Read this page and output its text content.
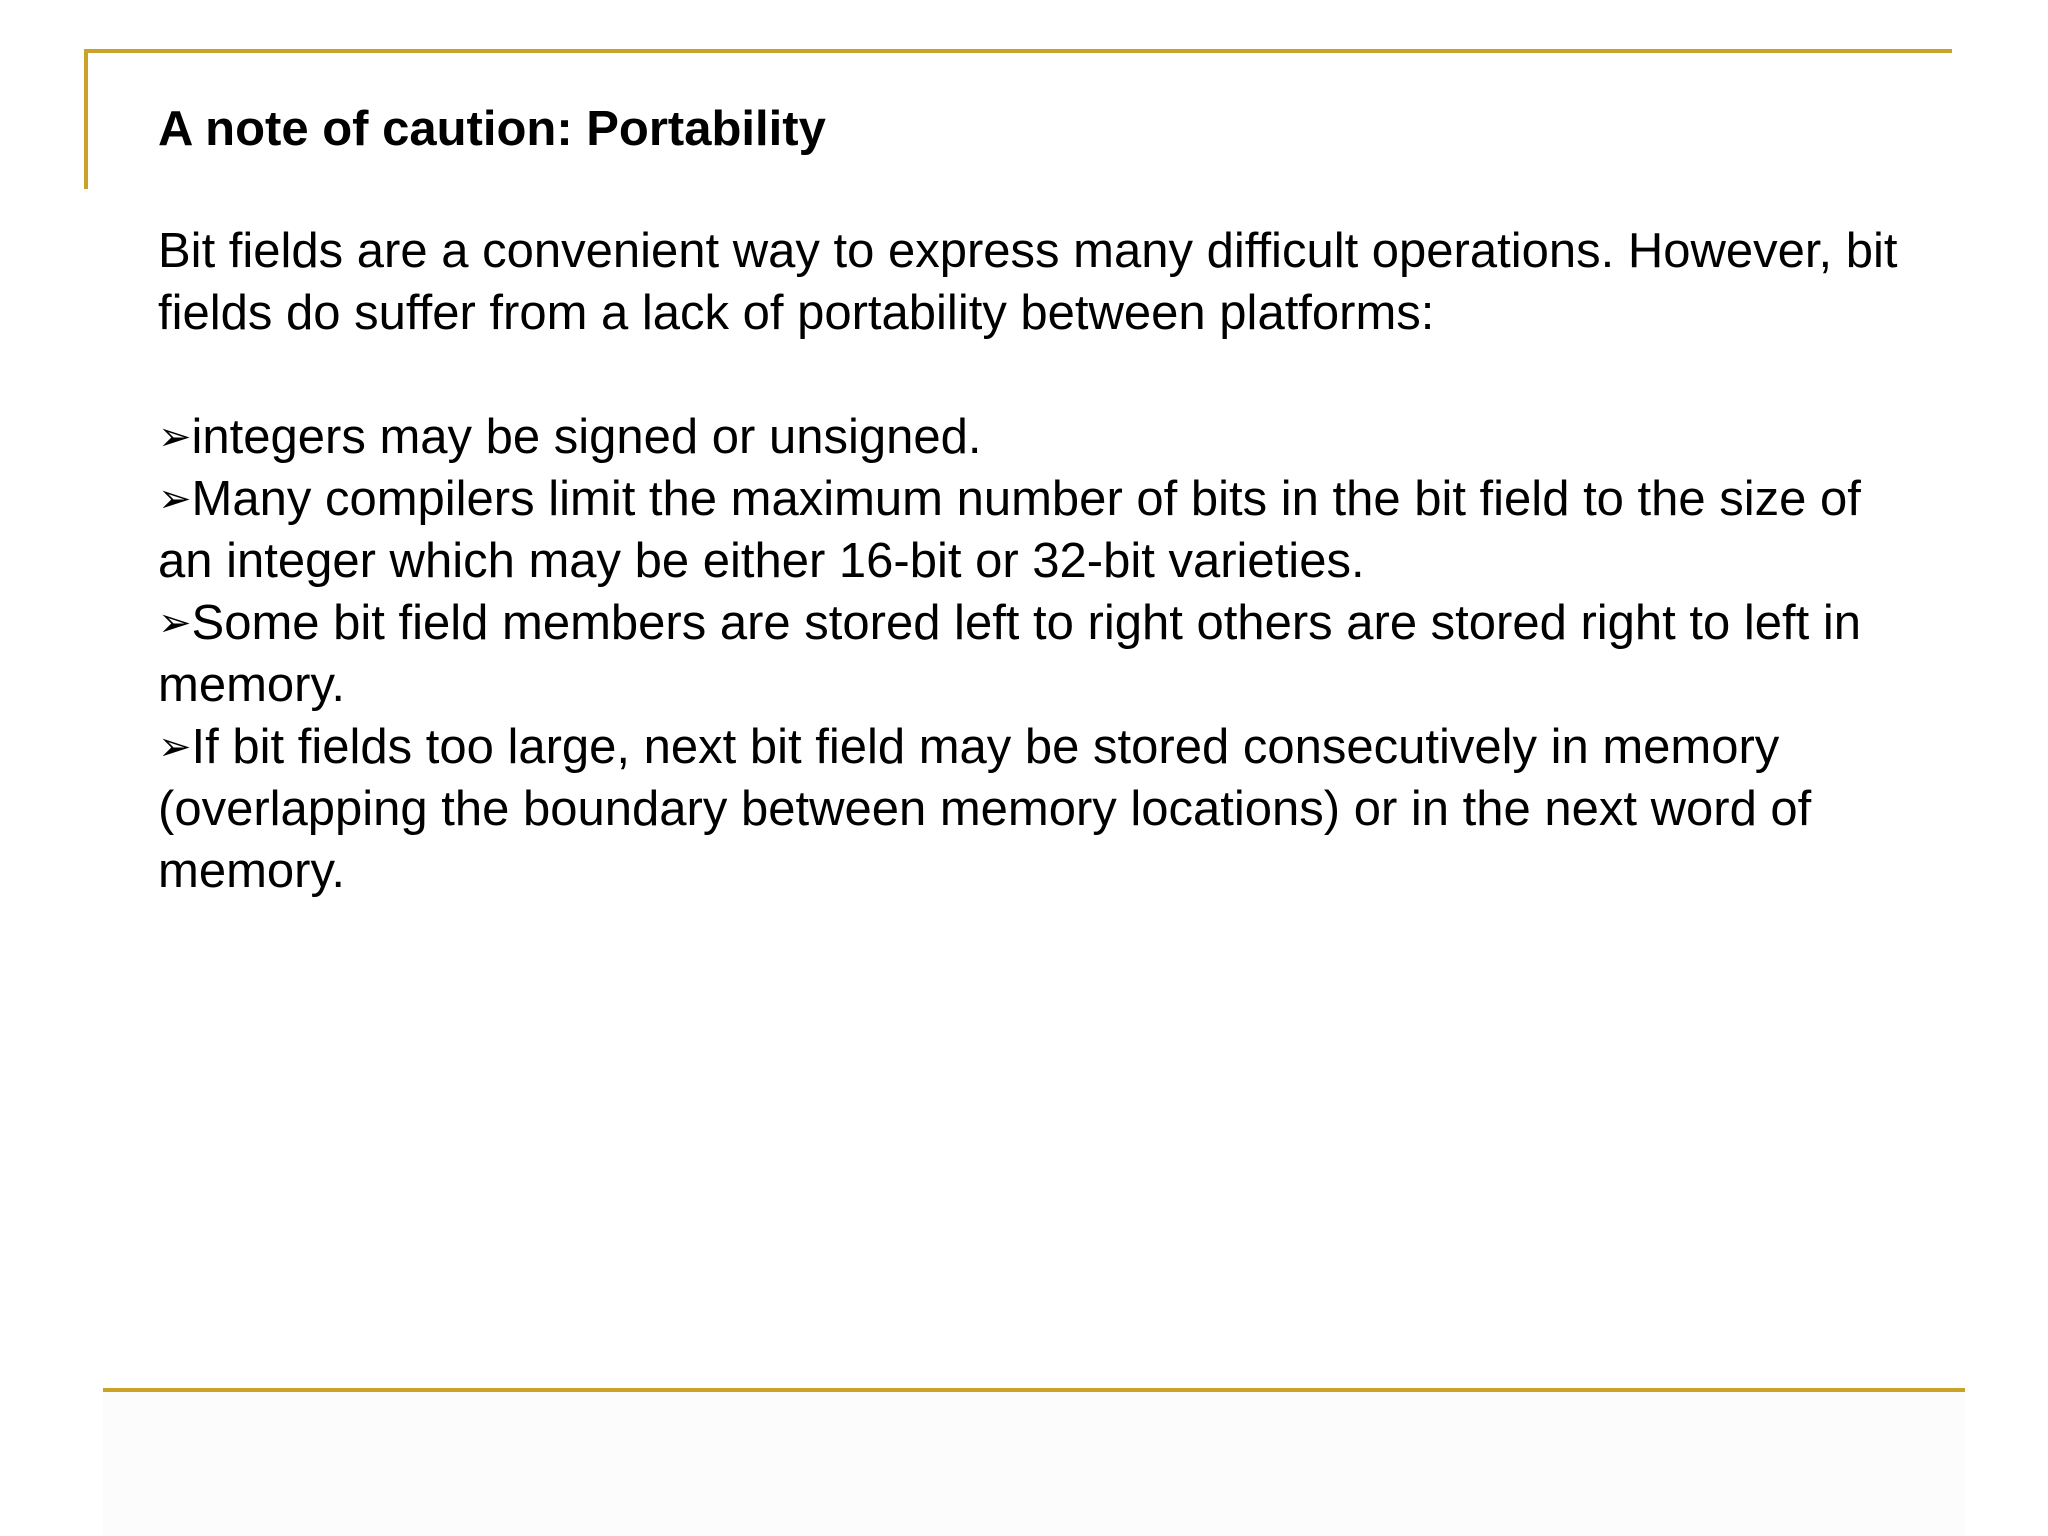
A note of caution: Portability

Bit fields are a convenient way to express many difficult operations. However, bit fields do suffer from a lack of portability between platforms:

➢integers may be signed or unsigned.
➢Many compilers limit the maximum number of bits in the bit field to the size of an integer which may be either 16-bit or 32-bit varieties.
➢Some bit field members are stored left to right others are stored right to left in memory.
➢If bit fields too large, next bit field may be stored consecutively in memory (overlapping the boundary between memory locations) or in the next word of memory.
